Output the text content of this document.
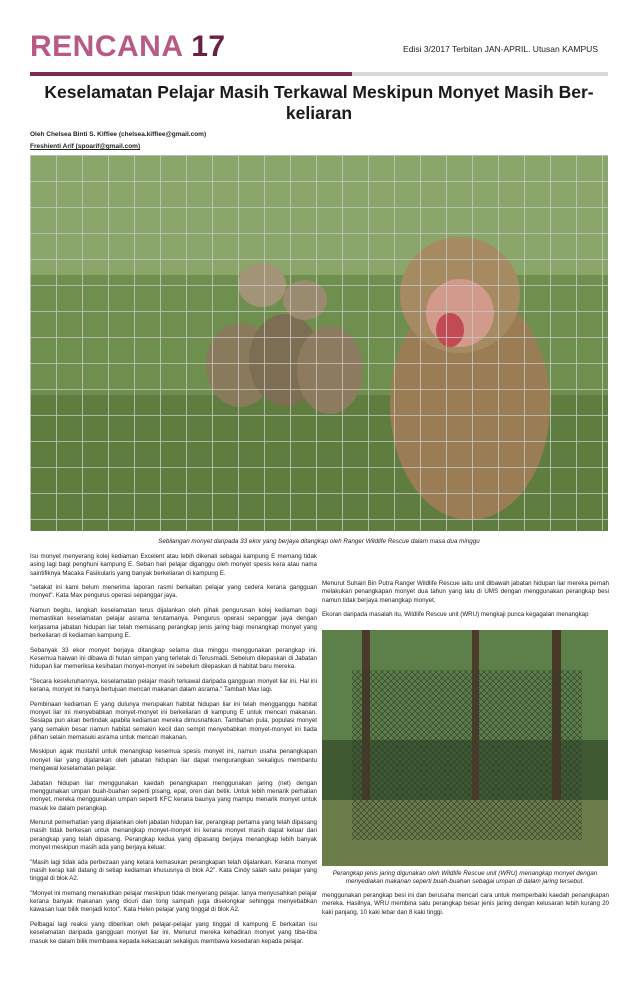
RENCANA 17	Edisi 3/2017 Terbitan JAN-APRIL. Utusan KAMPUS
Keselamatan Pelajar Masih Terkawal Meskipun Monyet Masih Berkeliaran
Oleh Chelsea Binti S. Kiffiee (chelsea.kiffiee@gmail.com)
Freshienti Arif (spoarif@gmail.com)
Sebilangan monyet daripada 33 ekor yang berjaya ditangkap oleh Ranger Wildlife Rescue dalam masa dua minggu

Isu monyet menyerang kolej kediaman Excelent atau lebih dikenali sebagai kampung E memang tidak asing lagi bagi penghuni kampung E. Seban hari pelajar diganggu oleh monyet spesis kera atau nama saintifiknya Macaka Fasikularis yang banyak berkeliaran di kampung E.

"setakat ini kami belum menerima laporan rasmi berkaitan pelajar yang cedera kerana gangguan monyet". Kata Max pengurus operasi sepanggar jaya.

Namun begitu, langkah keselamatan terus dijalankan oleh pihak pengurusan kolej kediaman bagi memastikan keselamatan pelajar asrama terutamanya. Pengurus operasi sepanggar jaya dengan kerjasama jabatan hidupan liar telah memasang perangkap jenis jaring bagi menangkap monyet yang berkeliaran di kediaman kampung E.

Sebanyak 33 ekor monyet berjaya ditangkap selama dua minggu menggunakan perangkap ini. Kesemua haiwan ini dibawa di hutan simpan yang terletak di Terusmadi. Sebelum dilepaskan di Jabatan hidupan liar memeriksa kesihatan monyet-monyet ini sebelum dilepaskan di habitat baru mereka.

"Secara keseluruhannya, keselamatan pelajar masih terkawal daripada gangguan monyet liar ini. Hal ini kerana, monyet ini hanya bertujuan mencari makanan dalam asrama." Tambah Max lagi.

Pembinaan kediaman E yang dulunya merupakan habitat hidupan liar ini telah mengganggu habitat monyet liar ini menyebabkan monyet-monyet ini berkeliaran di kampung E untuk mencari makanan. Sesiapa pun akan bertindak apabila kediaman mereka dimusnahkan. Tambahan pula, populasi monyet yang semakin besar namun habitat semakin kecil dan sempit menyebabkan monyet-monyet ini tiada pilihan selain memasuki asrama untuk mencari makanan.

Meskipun agak mustahil untuk menangkap kesemua spesis monyet ini, namun usaha penangkapan monyet liar yang dijalankan oleh jabatan hidupan liar dapat mengurangkan sekaligus membantu mengawal keselamatan pelajar.

Jabatan hidupan liar menggunakan kaedah penangkapan menggunakan jaring (net) dengan menggunakan umpan buah-buahan seperti pisang, epal, oren dan betik. Untuk lebih menarik perhatian monyet, mereka menggunakan umpan seperti KFC kerana baunya yang mampu menarik monyet untuk masuk ke dalam perangkap.

Menurut pemerhatian yang dijalankan oleh jabatan hidupan liar, perangkap pertama yang telah dipasang masih tidak berkesan untuk menangkap monyet-monyet ini kerana monyet masih dapat keluar dari perangkap yang telah dipasang. Perangkap kedua yang dipasang berjaya menangkap lebih banyak monyet meskipun masih ada yang berjaya keluar.

"Masih lagi tidak ada perbezaan yang ketara kemasukan perangkapan telah dijalankan. Kerana monyet masih kerap kali datang di setiap kediaman khususnya di blok A2". Kata Cindy salah satu pelajar yang tinggal di blok A2.

"Monyet ini memang menakutkan pelajar meskipun tidak menyerang pelajar. Ianya menyusahkan pelajar kerana banyak makanan yang dicuri dan tong sampah juga diselongkar sehingga menyebabkan kawasan luar bilik menjadi kotor". Kata Helen pelajar yang tinggal di blok A2.

Pelbagai lagi reaksi yang diberikan oleh pelajar-pelajar yang tinggal di kampung E berkaitan isu keselamatan daripada gangguan monyet liar ini. Menurut mereka kehadiran monyet yang tiba-tiba masuk ke dalam bilik membawa kepada kekacauan sekaligus membawa kesedaran kepada pelajar.

Menurut Suhairi Bin Putra Ranger Wildlife Rescue iaitu unit dibawah jabatan hidupan liar mereka pernah melakukan penangkapan monyet dua tahun yang lalu di UMS dengan menggunakan perangkap besi namun tidak berjaya menangkap monyet.

Ekoran daripada masalah itu, Wildlife Rescue unit (WRU) mengkaji punca kegagalan menangkap

Perangkap jenis jaring digunakan oleh Wildlife Rescue unit (WRU) menangkap monyet dengan menyediakan makanan seperti buah-buahan sebagai umpan di dalam jaring tersebut.

menggunakan perangkap besi ini dan berusaha mencari cara untuk memperbaiki kaedah penangkapan mereka. Hasilnya, WRU membina satu perangkap besar jenis jaring dengan kelusaran lebih kurang 20 kaki panjang, 10 kaki lebar dan 8 kaki tinggi.
